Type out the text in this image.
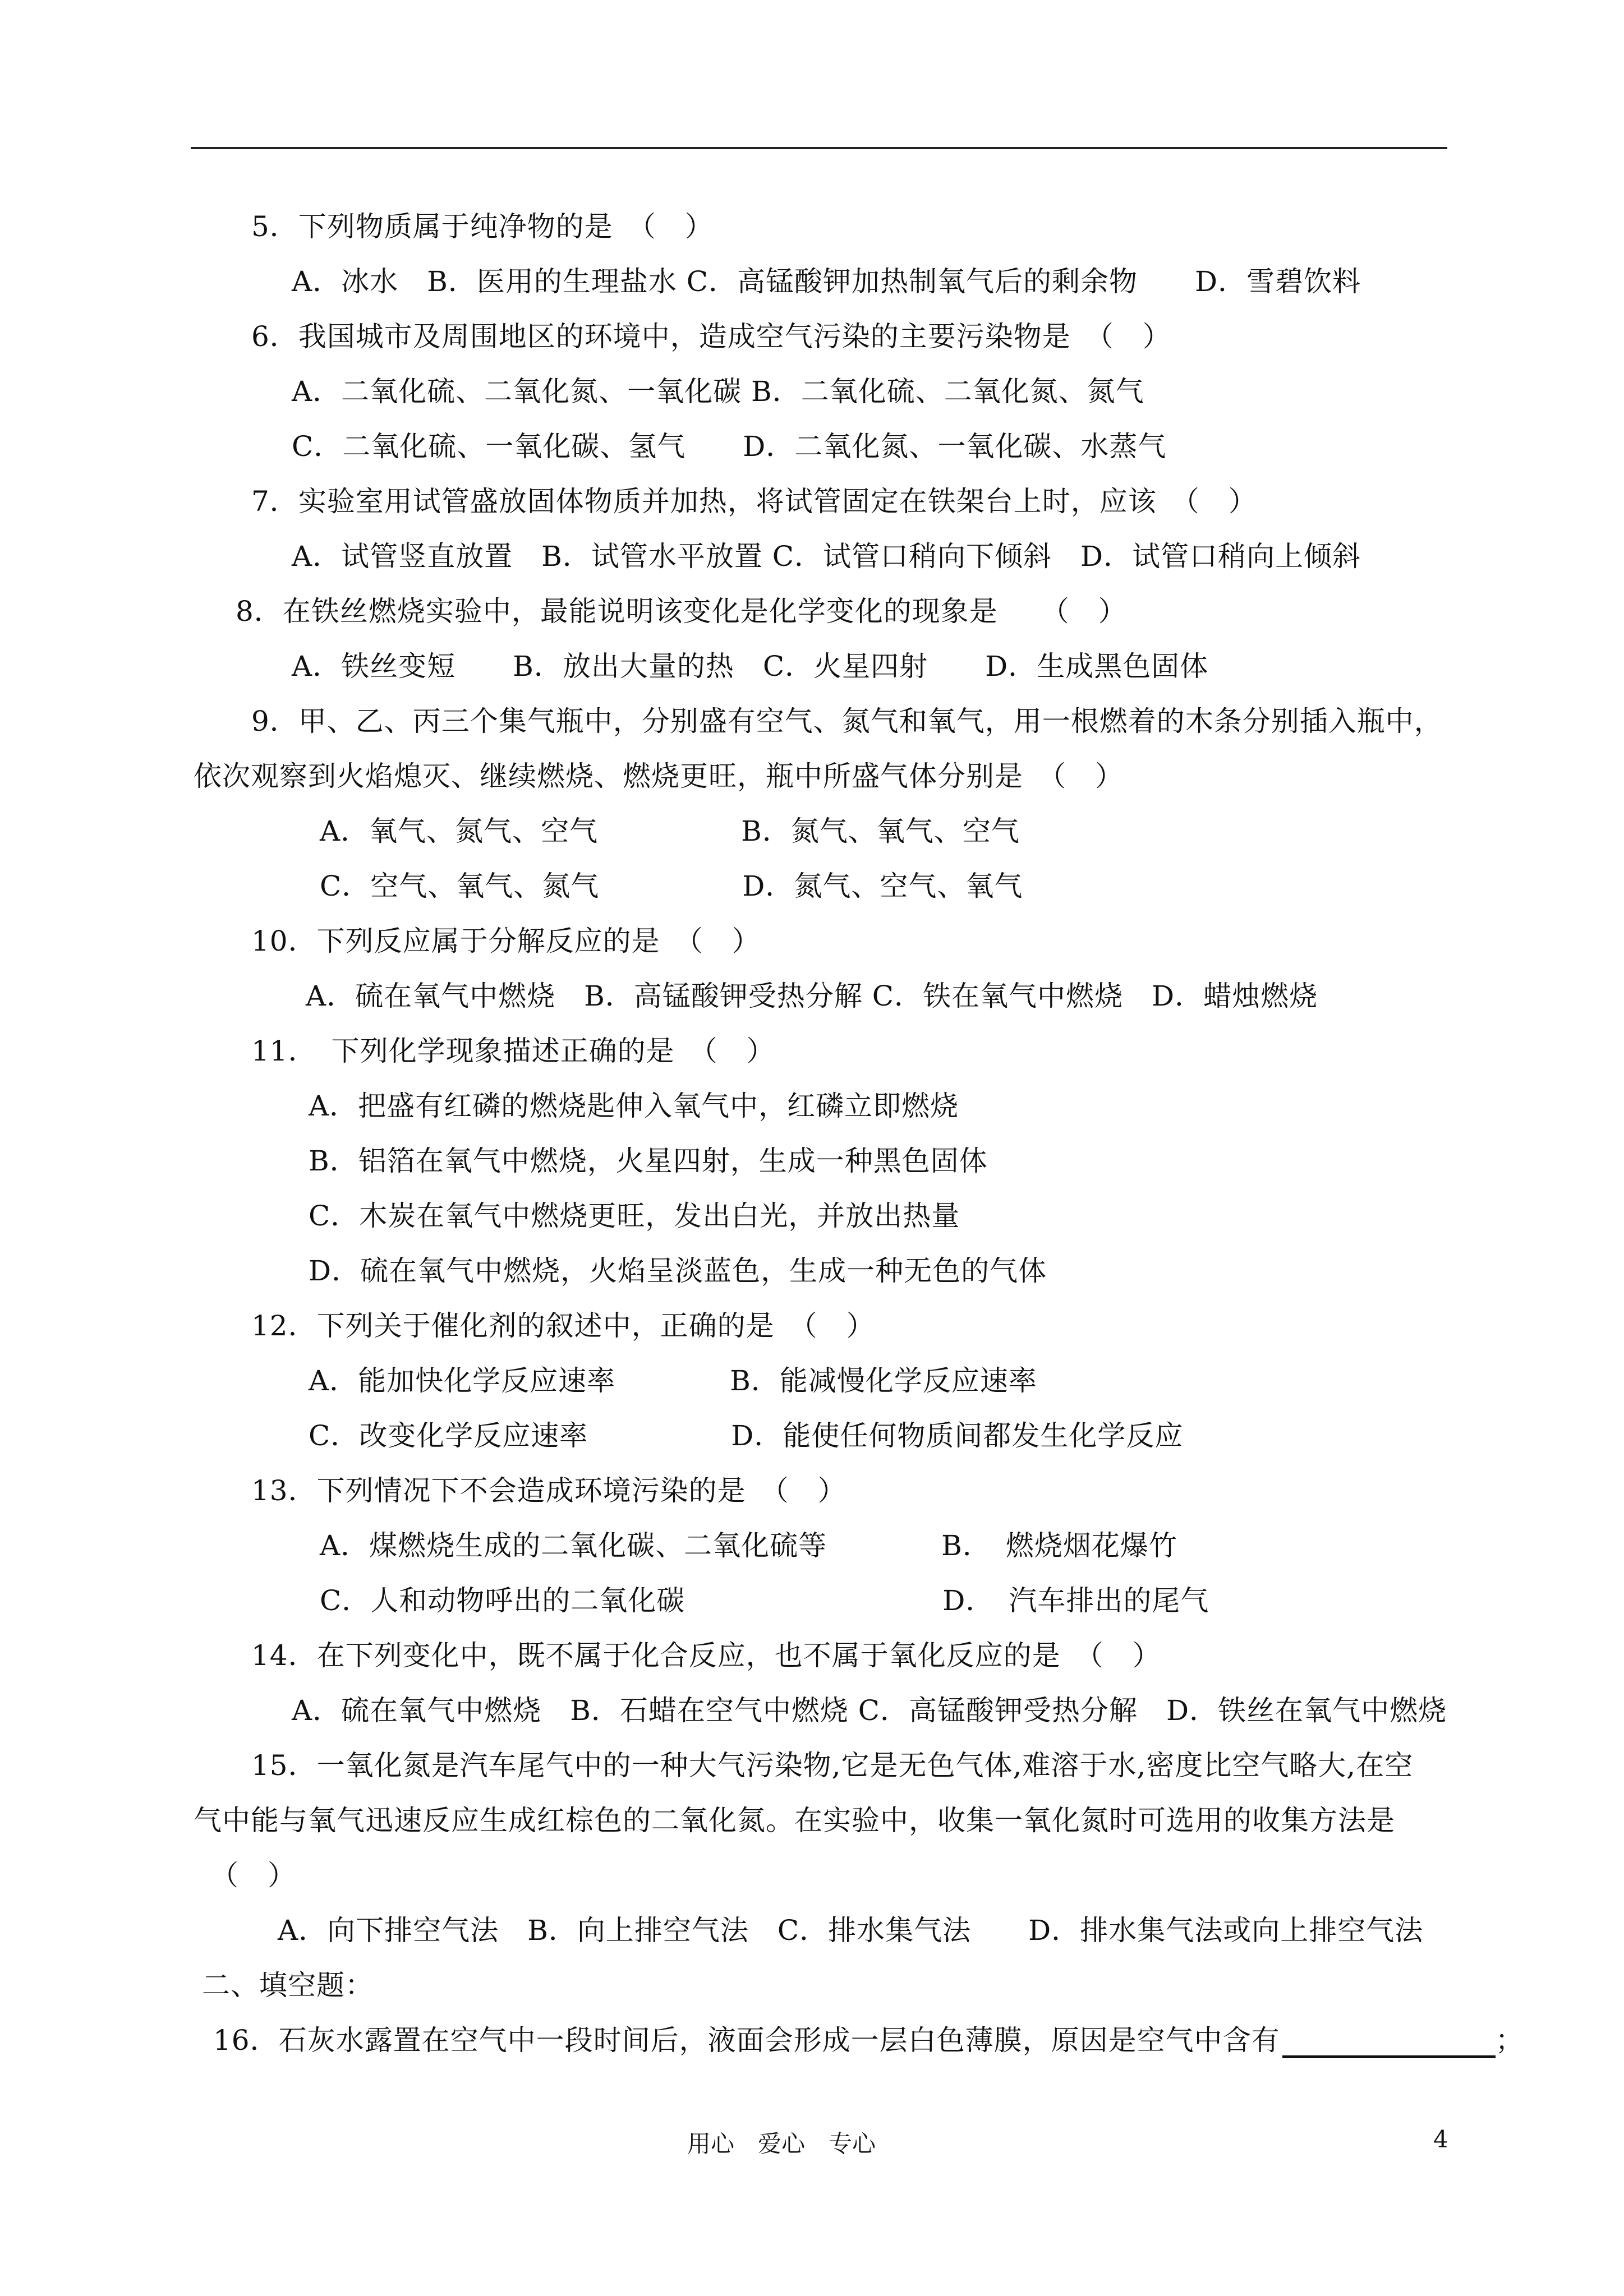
5．下列物质属于纯净物的是　（　）
A．冰水　B．医用的生理盐水 C．高锰酸钾加热制氧气后的剩余物　　D．雪碧饮料
6．我国城市及周围地区的环境中，造成空气污染的主要污染物是　（　）
A．二氧化硫、二氧化氮、一氧化碳 B．二氧化硫、二氧化氮、氮气
C．二氧化硫、一氧化碳、氢气　　D．二氧化氮、一氧化碳、水蒸气
7．实验室用试管盛放固体物质并加热，将试管固定在铁架台上时，应该　（　）
A．试管竖直放置　B．试管水平放置 C．试管口稍向下倾斜　D．试管口稍向上倾斜
8．在铁丝燃烧实验中，最能说明该变化是化学变化的现象是　　（　）
A．铁丝变短　　B．放出大量的热　C．火星四射　　D．生成黑色固体
9．甲、乙、丙三个集气瓶中，分别盛有空气、氮气和氧气，用一根燃着的木条分别插入瓶中，
依次观察到火焰熄灭、继续燃烧、燃烧更旺，瓶中所盛气体分别是　（　）
A．氧气、氮气、空气　　　　　B．氮气、氧气、空气
C．空气、氧气、氮气　　　　　D．氮气、空气、氧气
10．下列反应属于分解反应的是　（　）
A．硫在氧气中燃烧　B．高锰酸钾受热分解 C．铁在氧气中燃烧　D．蜡烛燃烧
11．　下列化学现象描述正确的是　（　）
A．把盛有红磷的燃烧匙伸入氧气中，红磷立即燃烧
B．铝箔在氧气中燃烧，火星四射，生成一种黑色固体
C．木炭在氧气中燃烧更旺，发出白光，并放出热量
D．硫在氧气中燃烧，火焰呈淡蓝色，生成一种无色的气体
12．下列关于催化剂的叙述中，正确的是　（　）
A．能加快化学反应速率　　　　B．能减慢化学反应速率
C．改变化学反应速率　　　　　D．能使任何物质间都发生化学反应
13．下列情况下不会造成环境污染的是　（　）
A．煤燃烧生成的二氧化碳、二氧化硫等　　　　B．　燃烧烟花爆竹
C．人和动物呼出的二氧化碳　　　　　　　　　D．　汽车排出的尾气
14．在下列变化中，既不属于化合反应，也不属于氧化反应的是　（　）
A．硫在氧气中燃烧　B．石蜡在空气中燃烧 C．高锰酸钾受热分解　D．铁丝在氧气中燃烧
15．一氧化氮是汽车尾气中的一种大气污染物,它是无色气体,难溶于水,密度比空气略大,在空
气中能与氧气迅速反应生成红棕色的二氧化氮。在实验中，收集一氧化氮时可选用的收集方法是
（　）
A．向下排空气法　B．向上排空气法　C．排水集气法　　D．排水集气法或向上排空气法
二、填空题：
16．石灰水露置在空气中一段时间后，液面会形成一层白色薄膜，原因是空气中含有	；
用心　爱心　专心	4
